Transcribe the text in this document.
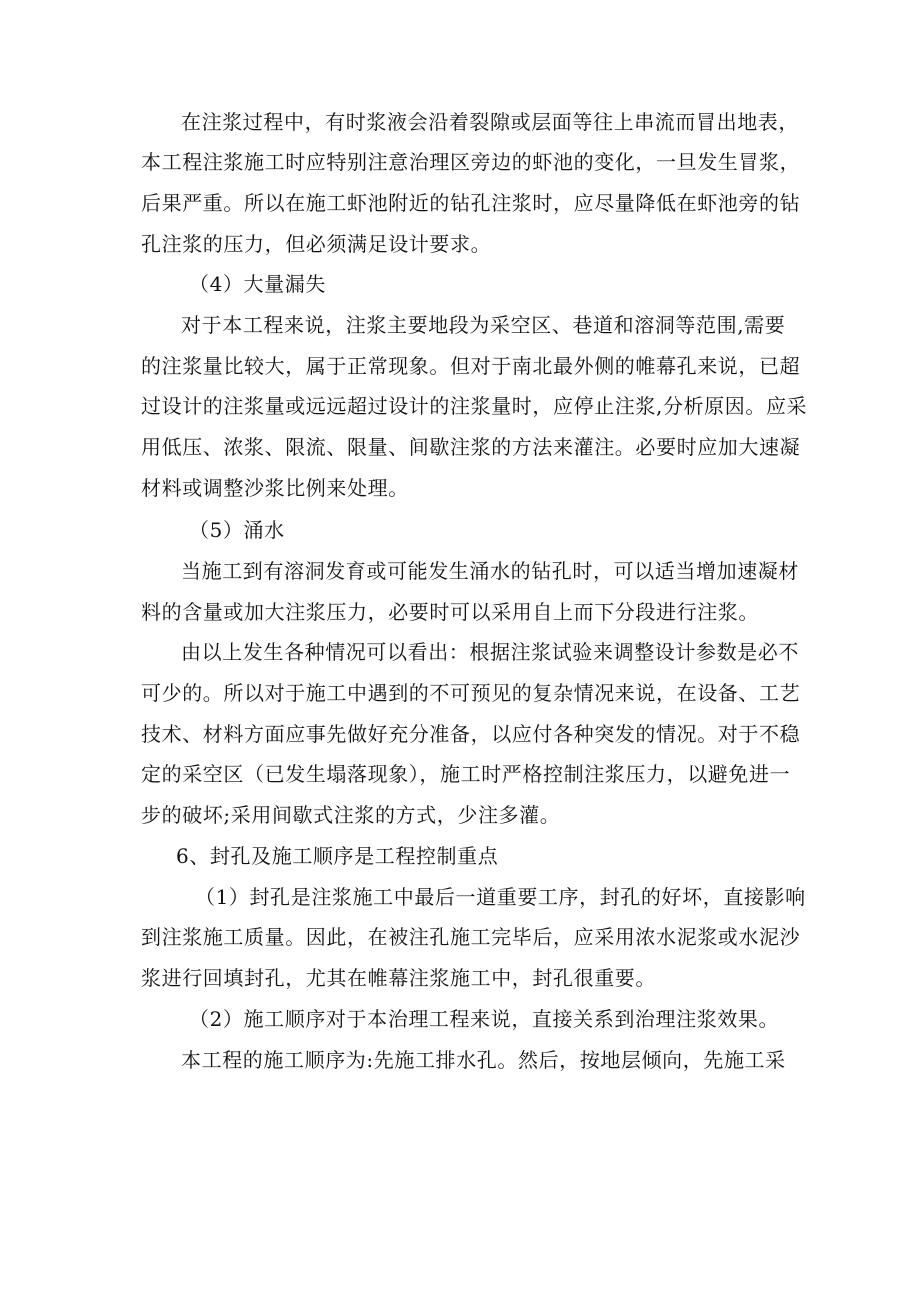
在注浆过程中，有时浆液会沿着裂隙或层面等往上串流而冒出地表，
本工程注浆施工时应特别注意治理区旁边的虾池的变化，一旦发生冒浆，
后果严重。所以在施工虾池附近的钻孔注浆时，应尽量降低在虾池旁的钻
孔注浆的压力，但必须满足设计要求。
（4）大量漏失
对于本工程来说，注浆主要地段为采空区、巷道和溶洞等范围,需要
的注浆量比较大，属于正常现象。但对于南北最外侧的帷幕孔来说，已超
过设计的注浆量或远远超过设计的注浆量时，应停止注浆,分析原因。应采
用低压、浓浆、限流、限量、间歇注浆的方法来灌注。必要时应加大速凝
材料或调整沙浆比例来处理。
（5）涌水
当施工到有溶洞发育或可能发生涌水的钻孔时，可以适当增加速凝材
料的含量或加大注浆压力，必要时可以采用自上而下分段进行注浆。
由以上发生各种情况可以看出：根据注浆试验来调整设计参数是必不
可少的。所以对于施工中遇到的不可预见的复杂情况来说，在设备、工艺
技术、材料方面应事先做好充分准备，以应付各种突发的情况。对于不稳
定的采空区（已发生塌落现象），施工时严格控制注浆压力，以避免进一
步的破坏;采用间歇式注浆的方式，少注多灌。
6、封孔及施工顺序是工程控制重点
（1）封孔是注浆施工中最后一道重要工序，封孔的好坏，直接影响
到注浆施工质量。因此，在被注孔施工完毕后，应采用浓水泥浆或水泥沙
浆进行回填封孔，尤其在帷幕注浆施工中，封孔很重要。
（2）施工顺序对于本治理工程来说，直接关系到治理注浆效果。
本工程的施工顺序为:先施工排水孔。然后，按地层倾向，先施工采
